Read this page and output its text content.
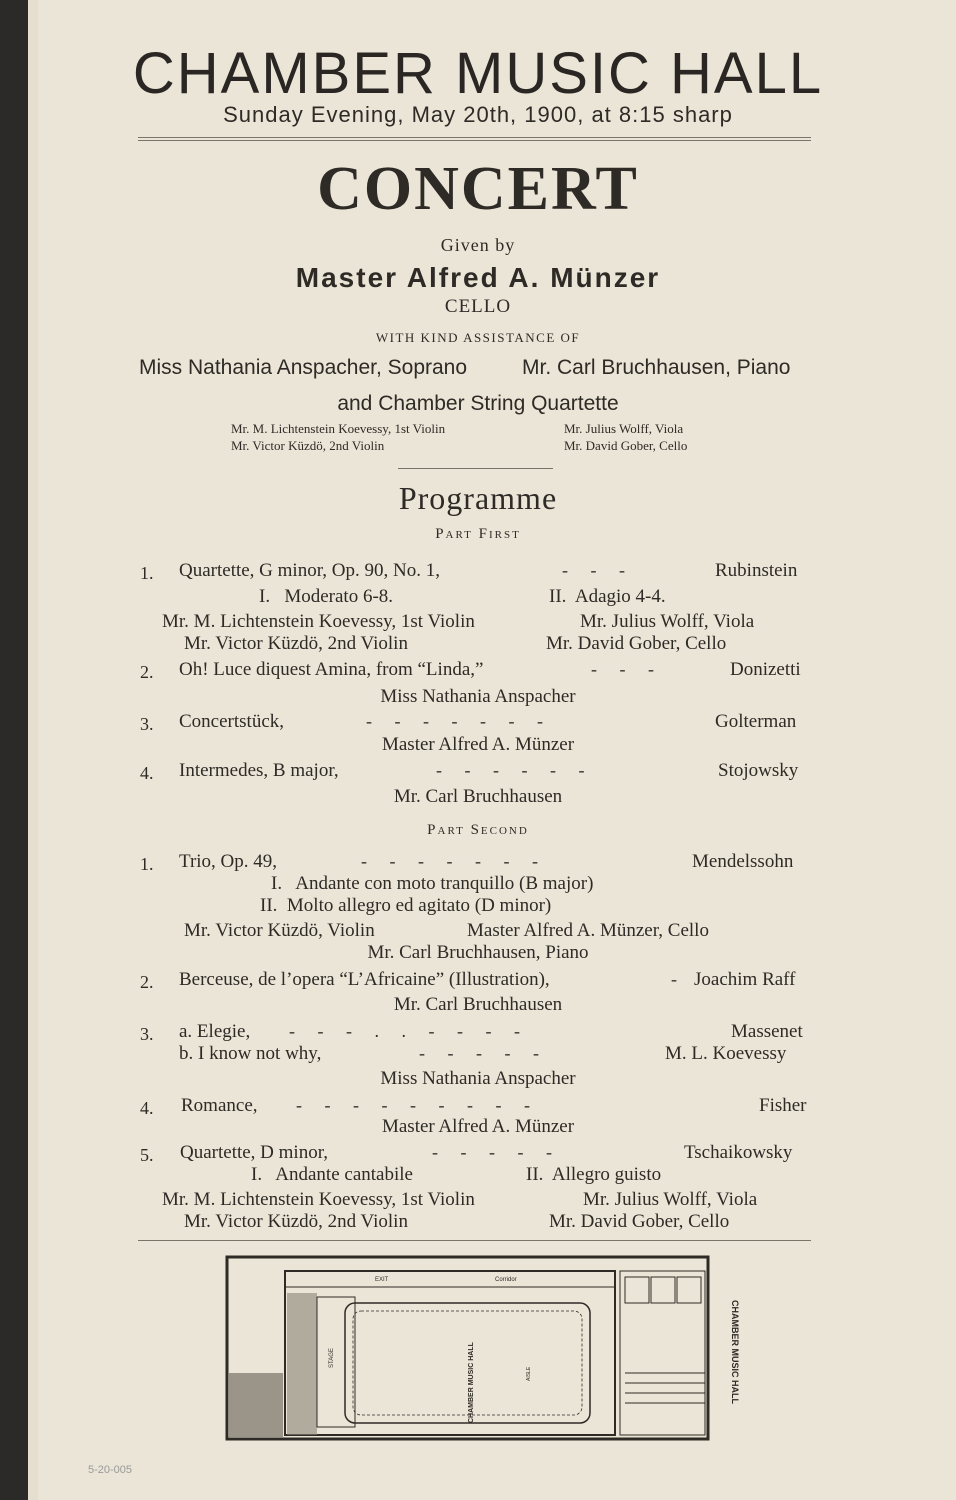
CHAMBER MUSIC HALL
Sunday Evening, May 20th, 1900, at 8:15 sharp
CONCERT
Given by
Master Alfred A. Münzer
CELLO
WITH KIND ASSISTANCE OF
Miss Nathania Anspacher, Soprano	Mr. Carl Bruchhausen, Piano
and Chamber String Quartette
Mr. M. Lichtenstein Koevessy, 1st Violin	Mr. Julius Wolff, Viola
Mr. Victor Küzdö, 2nd Violin	Mr. David Gober, Cello
Programme
Part First
1. Quartette, G minor, Op. 90, No. 1,	-     -     -	Rubinstein
I.   Moderato 6-8.	II.  Adagio 4-4.
Mr. M. Lichtenstein Koevessy, 1st Violin	Mr. Julius Wolff, Viola
Mr. Victor Küzdö, 2nd Violin	Mr. David Gober, Cello
2. Oh! Luce diquest Amina, from “Linda,”	-     -     -	Donizetti
Miss Nathania Anspacher
3. Concertstück,	-     -     -     -     -     -     -	Golterman
Master Alfred A. Münzer
4. Intermedes, B major,	-     -     -     -     -     -	Stojowsky
Mr. Carl Bruchhausen
Part Second
1. Trio, Op. 49,	-     -     -     -     -     -     -	Mendelssohn
I.   Andante con moto tranquillo (B major)
II.  Molto allegro ed agitato (D minor)
Mr. Victor Küzdö, Violin	Master Alfred A. Münzer, Cello
Mr. Carl Bruchhausen, Piano
2. Berceuse, de l’opera “L’Africaine” (Illustration),	- Joachim Raff
Mr. Carl Bruchhausen
3. a. Elegie, -     -     -     .     .     -     -     -     -	Massenet
b. I know not why,	-     -     -     -     -	M. L. Koevessy
Miss Nathania Anspacher
4. Romance, -     -     -     -     -     -     -     -     -	Fisher
Master Alfred A. Münzer
5. Quartette, D minor,	-     -     -     -     -	Tschaikowsky
I.   Andante cantabile	II.  Allegro guisto
Mr. M. Lichtenstein Koevessy, 1st Violin	Mr. Julius Wolff, Viola
Mr. Victor Küzdö, 2nd Violin	Mr. David Gober, Cello
EXIT	Corridor
STAGE	CHAMBER MUSIC HALL	AISLE	CHAMBER MUSIC HALL
5-20-005
